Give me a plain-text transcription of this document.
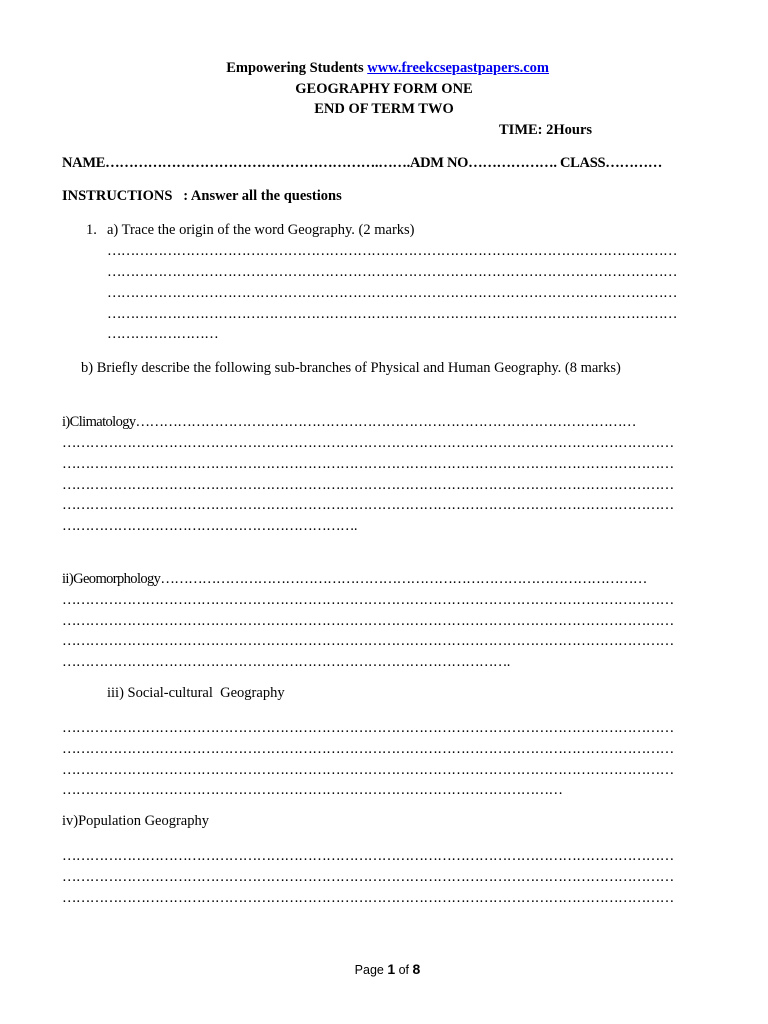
Empowering Students www.freekcsepastpapers.com

GEOGRAPHY FORM ONE
END OF TERM TWO
TIME: 2Hours
NAME………………………………………………….…….ADM NO………………. CLASS…………
INSTRUCTIONS   : Answer all the questions
1. a) Trace the origin of the word Geography. (2 marks)
……………………………………………………………………………………………………………
……………………………………………………………………………………………………………
……………………………………………………………………………………………………………
……………………………………………………………………………………………………………
……………………
b) Briefly describe the following sub-branches of Physical and Human Geography. (8 marks)
i)Climatology………………………………………………………………………………………………
……………………………………………………………………………………………………………………
……………………………………………………………………………………………………………………
……………………………………………………………………………………………………………………
……………………………………………………………………………………………………………………
……………………………………………………….
ii)Geomorphology……………………………………………………………………………………………
……………………………………………………………………………………………………………………
……………………………………………………………………………………………………………………
……………………………………………………………………………………………………………………
…………………………………………………………………………………….
iii) Social-cultural  Geography
……………………………………………………………………………………………………………………
……………………………………………………………………………………………………………………
……………………………………………………………………………………………………………………
………………………………………………………………………………………………
iv)Population Geography
……………………………………………………………………………………………………………………
……………………………………………………………………………………………………………………
……………………………………………………………………………………………………………………

Page 1 of 8
